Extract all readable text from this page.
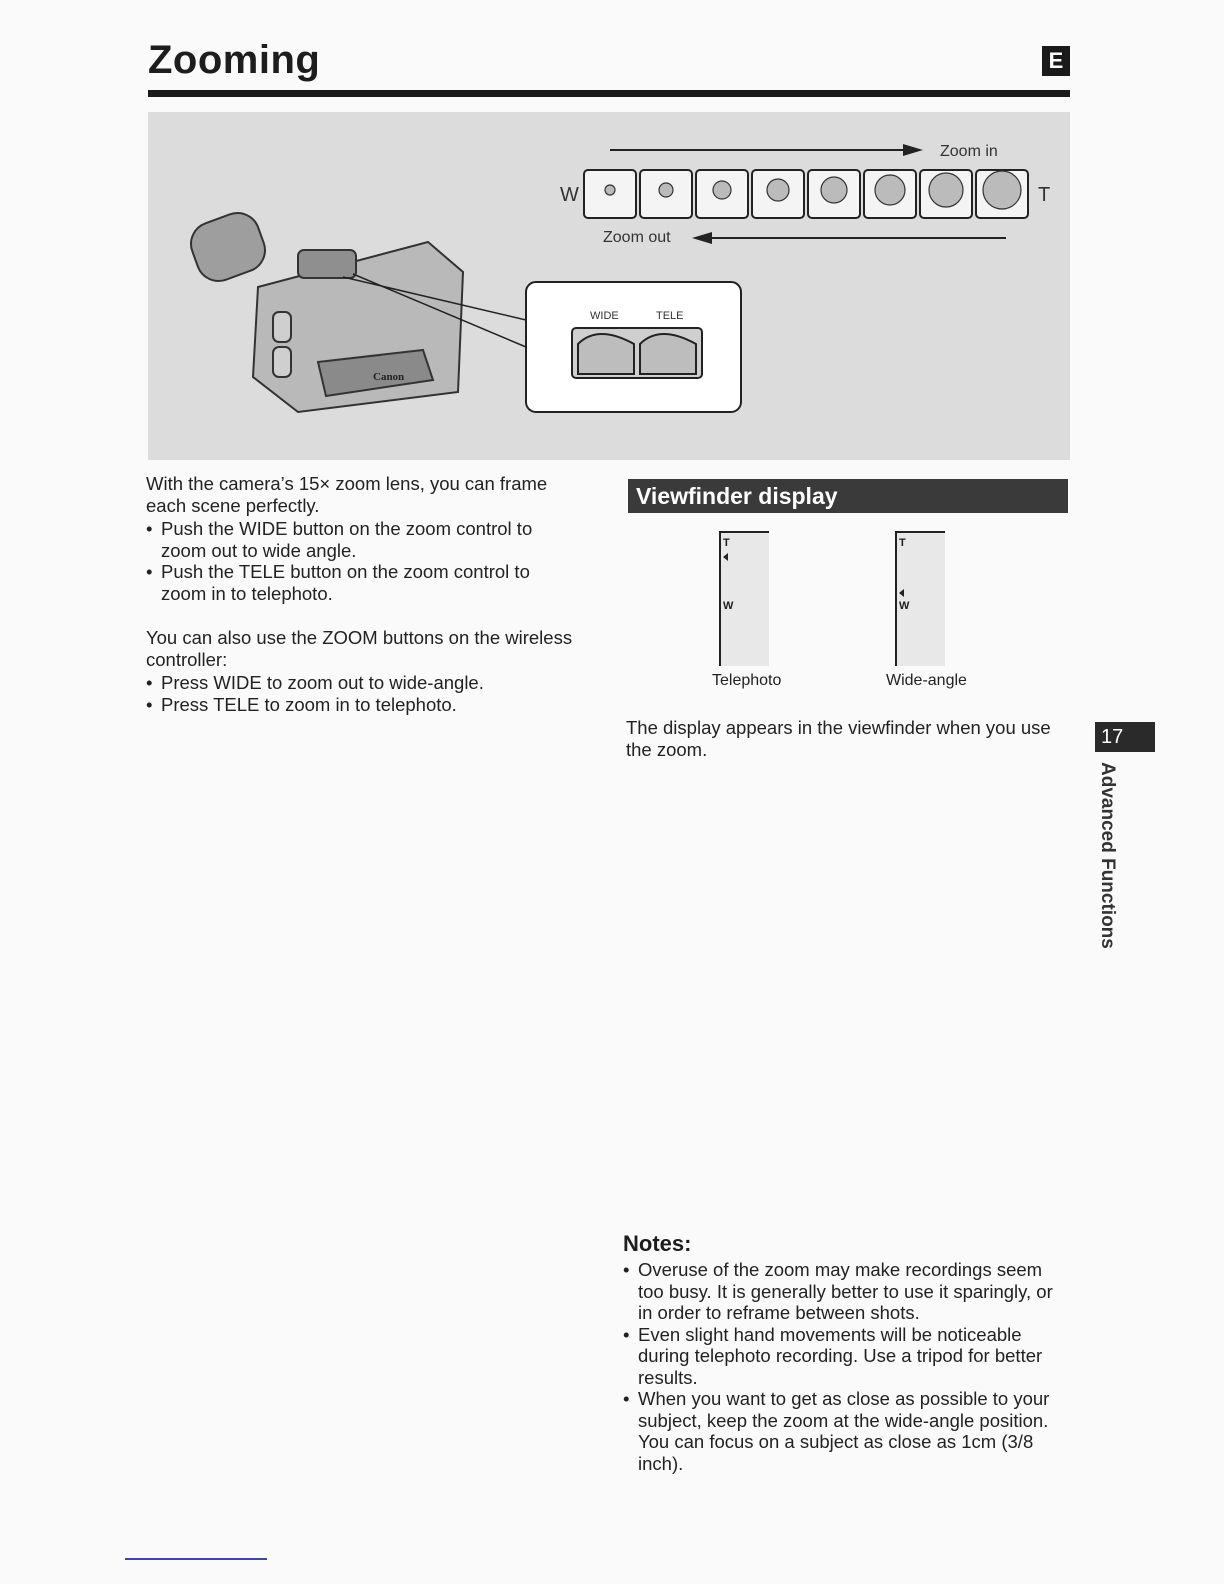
Zooming	E
Canon
Zoom in
Zoom out
W	T
WIDE	TELE
With the camera’s 15× zoom lens, you can frame each scene perfectly.
• Push the WIDE button on the zoom control to zoom out to wide angle.
• Push the TELE button on the zoom control to zoom in to telephoto.
You can also use the ZOOM buttons on the wireless controller:
• Press WIDE to zoom out to wide-angle.
• Press TELE to zoom in to telephoto.
Viewfinder display
T
W
T
W
Telephoto	Wide-angle
The display appears in the viewfinder when you use the zoom.
17
Advanced Functions
Notes:
• Overuse of the zoom may make recordings seem too busy. It is generally better to use it sparingly, or in order to reframe between shots.
• Even slight hand movements will be noticeable during telephoto recording. Use a tripod for better results.
• When you want to get as close as possible to your subject, keep the zoom at the wide-angle position. You can focus on a subject as close as 1cm (3/8 inch).
